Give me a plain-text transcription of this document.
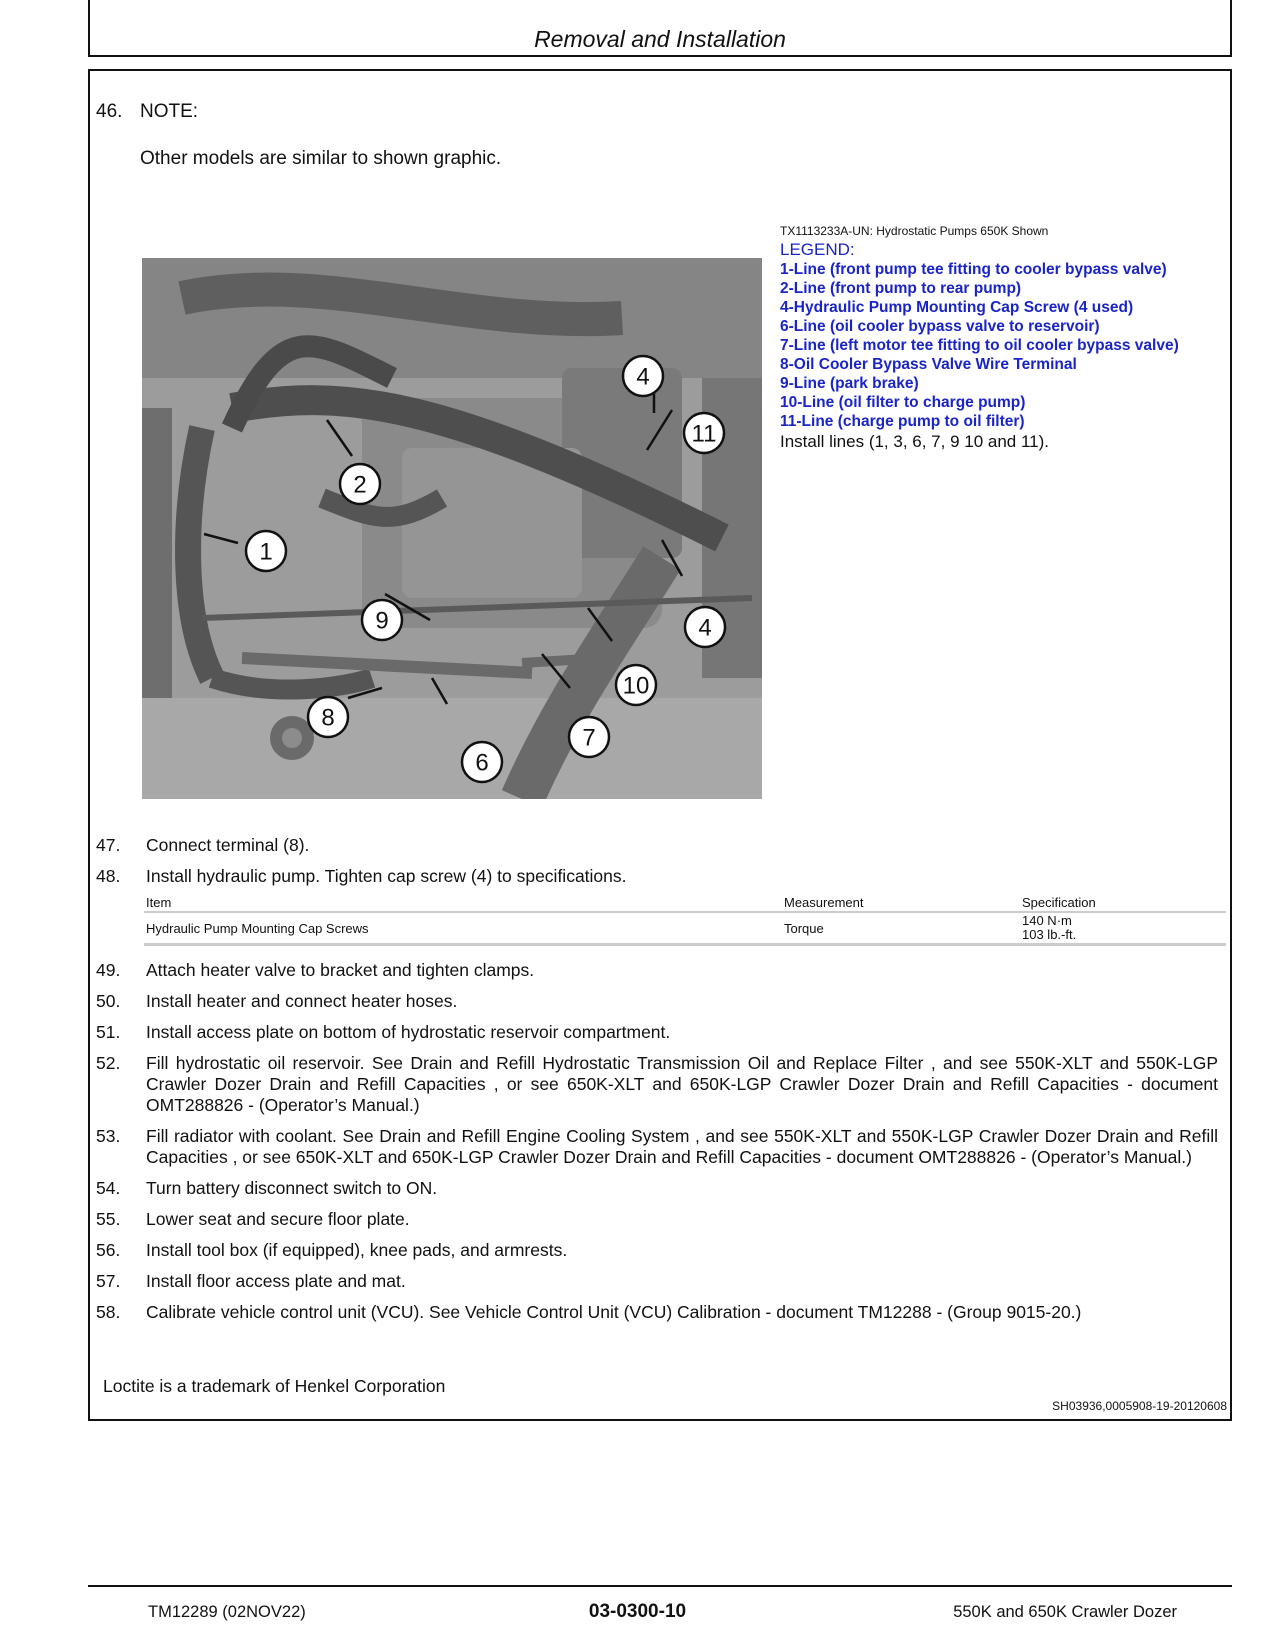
Removal and Installation
46. NOTE:
Other models are similar to shown graphic.
1
2
4
4
6
7
8
9
10
11
TX1113233A-UN: Hydrostatic Pumps 650K Shown
LEGEND:
1-Line (front pump tee fitting to cooler bypass valve)
2-Line (front pump to rear pump)
4-Hydraulic Pump Mounting Cap Screw (4 used)
6-Line (oil cooler bypass valve to reservoir)
7-Line (left motor tee fitting to oil cooler bypass valve)
8-Oil Cooler Bypass Valve Wire Terminal
9-Line (park brake)
10-Line (oil filter to charge pump)
11-Line (charge pump to oil filter)
Install lines (1, 3, 6, 7, 9 10 and 11).
47.	Connect terminal (8).
48.	Install hydraulic pump. Tighten cap screw (4) to specifications.
Item	Measurement	Specification
Hydraulic Pump Mounting Cap Screws	Torque	140 N·m
103 lb.-ft.
49.	Attach heater valve to bracket and tighten clamps.
50.	Install heater and connect heater hoses.
51.	Install access plate on bottom of hydrostatic reservoir compartment.
52.	Fill hydrostatic oil reservoir. See Drain and Refill Hydrostatic Transmission Oil and Replace Filter , and see 550K-XLT and 550K-LGP Crawler Dozer Drain and Refill Capacities , or see 650K-XLT and 650K-LGP Crawler Dozer Drain and Refill Capacities - document OMT288826 - (Operator’s Manual.)
53.	Fill radiator with coolant. See Drain and Refill Engine Cooling System , and see 550K-XLT and 550K-LGP Crawler Dozer Drain and Refill Capacities , or see 650K-XLT and 650K-LGP Crawler Dozer Drain and Refill Capacities - document OMT288826 - (Operator’s Manual.)
54.	Turn battery disconnect switch to ON.
55.	Lower seat and secure floor plate.
56.	Install tool box (if equipped), knee pads, and armrests.
57.	Install floor access plate and mat.
58.	Calibrate vehicle control unit (VCU). See Vehicle Control Unit (VCU) Calibration - document TM12288 - (Group 9015-20.)
Loctite is a trademark of Henkel Corporation
SH03936,0005908-19-20120608
TM12289 (02NOV22)	03-0300-10	550K and 650K Crawler Dozer
